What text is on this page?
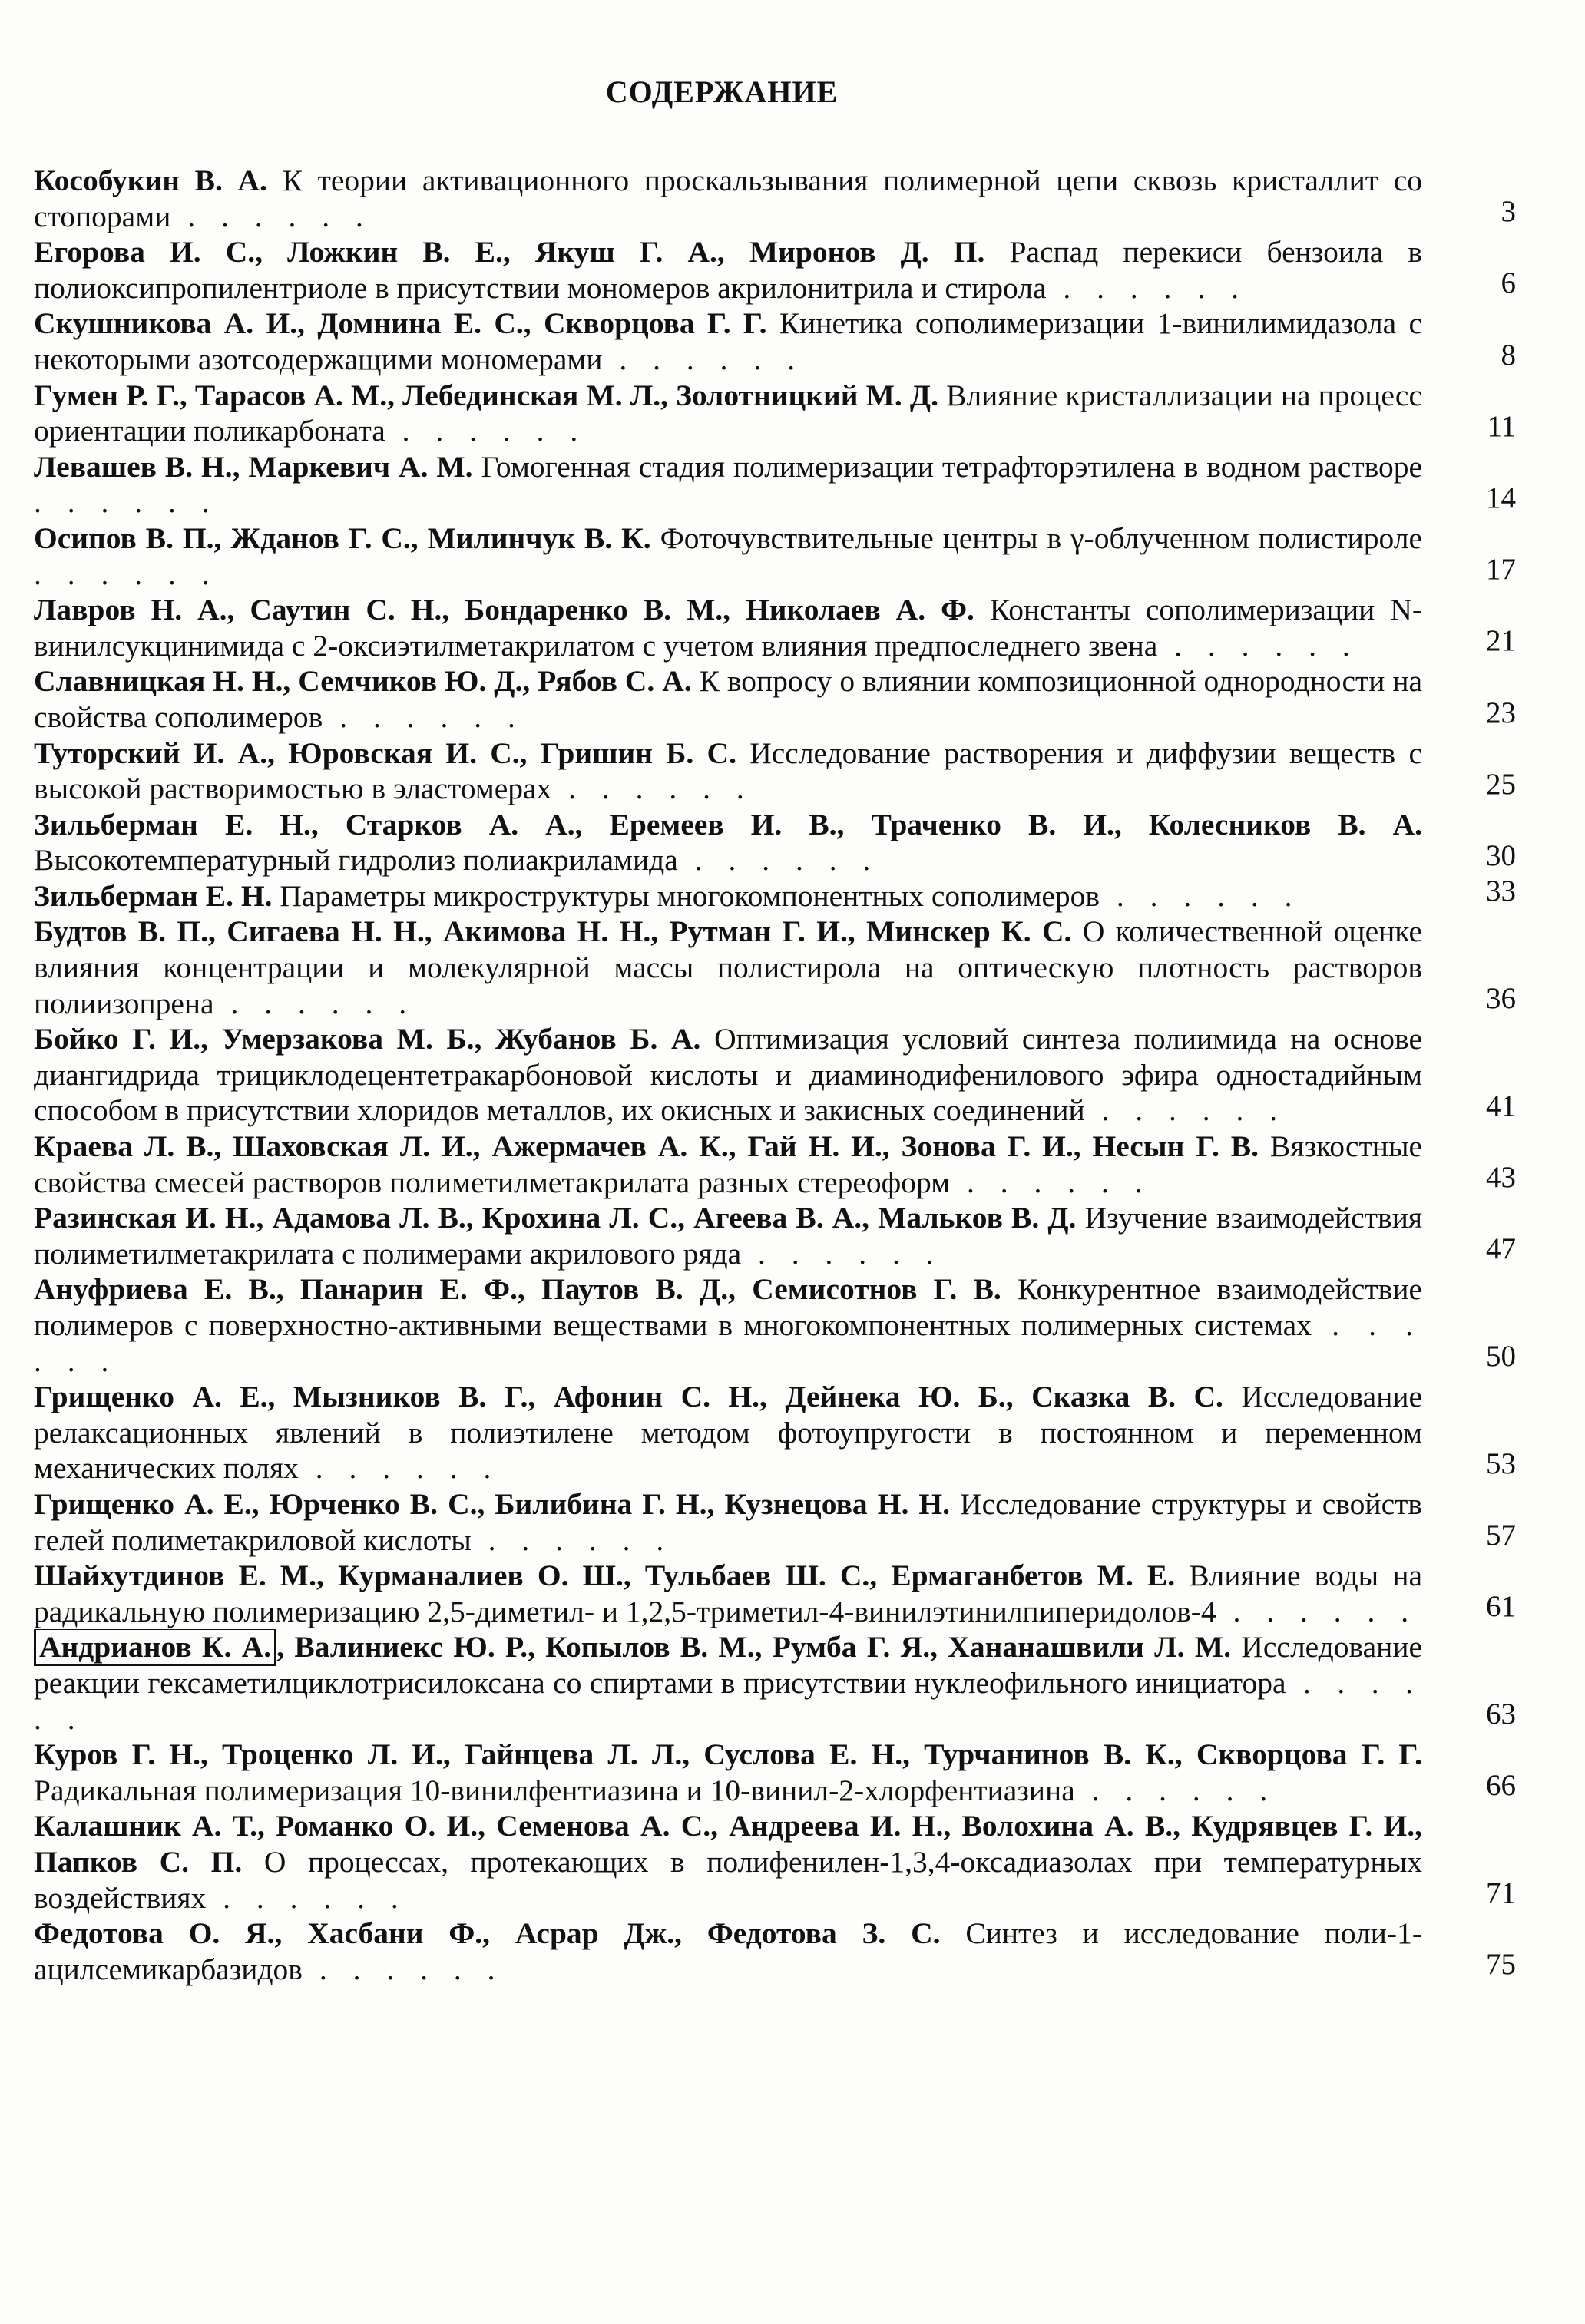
СОДЕРЖАНИЕ
Кособукин В. А. К теории активационного проскальзывания полимерной цепи сквозь кристаллит со стопорами . . . . . .	3
Егорова И. С., Ложкин В. Е., Якуш Г. А., Миронов Д. П. Распад перекиси бензоила в полиоксипропилентриоле в присутствии мономеров акрилонитрила и стирола . . . . . .	6
Скушникова А. И., Домнина Е. С., Скворцова Г. Г. Кинетика сополимеризации 1-винилимидазола с некоторыми азотсодержащими мономерами . . . . . .	8
Гумен Р. Г., Тарасов А. М., Лебединская М. Л., Золотницкий М. Д. Влияние кристаллизации на процесс ориентации поликарбоната . . . . . .	11
Левашев В. Н., Маркевич А. М. Гомогенная стадия полимеризации тетрафторэтилена в водном растворе . . . . . .	14
Осипов В. П., Жданов Г. С., Милинчук В. К. Фоточувствительные центры в γ-облученном полистироле . . . . . .	17
Лавров Н. А., Саутин С. Н., Бондаренко В. М., Николаев А. Ф. Константы сополимеризации N-винилсукцинимида с 2-оксиэтилметакрилатом с учетом влияния предпоследнего звена . . . . . .	21
Славницкая Н. Н., Семчиков Ю. Д., Рябов С. А. К вопросу о влиянии композиционной однородности на свойства сополимеров . . . . . .	23
Туторский И. А., Юровская И. С., Гришин Б. С. Исследование растворения и диффузии веществ с высокой растворимостью в эластомерах . . . . . .	25
Зильберман Е. Н., Старков А. А., Еремеев И. В., Траченко В. И., Колесников В. А. Высокотемпературный гидролиз полиакриламида . . . . . .	30
Зильберман Е. Н. Параметры микроструктуры многокомпонентных сополимеров . . . . . .	33
Будтов В. П., Сигаева Н. Н., Акимова Н. Н., Рутман Г. И., Минскер К. С. О количественной оценке влияния концентрации и молекулярной массы полистирола на оптическую плотность растворов полиизопрена . . . . . .	36
Бойко Г. И., Умерзакова М. Б., Жубанов Б. А. Оптимизация условий синтеза полиимида на основе диангидрида трициклодецентетракарбоновой кислоты и диаминодифенилового эфира одностадийным способом в присутствии хлоридов металлов, их окисных и закисных соединений . . . . . .	41
Краева Л. В., Шаховская Л. И., Ажермачев А. К., Гай Н. И., Зонова Г. И., Несын Г. В. Вязкостные свойства смесей растворов полиметилметакрилата разных стереоформ . . . . . .	43
Разинская И. Н., Адамова Л. В., Крохина Л. С., Агеева В. А., Мальков В. Д. Изучение взаимодействия полиметилметакрилата с полимерами акрилового ряда . . . . . .	47
Ануфриева Е. В., Панарин Е. Ф., Паутов В. Д., Семисотнов Г. В. Конкурентное взаимодействие полимеров с поверхностно-активными веществами в многокомпонентных полимерных системах . . . . . .	50
Грищенко А. Е., Мызников В. Г., Афонин С. Н., Дейнека Ю. Б., Сказка В. С. Исследование релаксационных явлений в полиэтилене методом фотоупругости в постоянном и переменном механических полях . . . . . .	53
Грищенко А. Е., Юрченко В. С., Билибина Г. Н., Кузнецова Н. Н. Исследование структуры и свойств гелей полиметакриловой кислоты . . . . . .	57
Шайхутдинов Е. М., Курманалиев О. Ш., Тульбаев Ш. С., Ермаганбетов М. Е. Влияние воды на радикальную полимеризацию 2,5-диметил- и 1,2,5-триметил-4-винилэтинилпиперидолов-4 . . . . . .	61
Андрианов К. А. , Валиниекс Ю. Р., Копылов В. М., Румба Г. Я., Хананашвили Л. М. Исследование реакции гексаметилциклотрисилоксана со спиртами в присутствии нуклеофильного инициатора . . . . . .	63
Куров Г. Н., Троценко Л. И., Гайнцева Л. Л., Суслова Е. Н., Турчанинов В. К., Скворцова Г. Г. Радикальная полимеризация 10-винилфентиазина и 10-винил-2-хлорфентиазина . . . . . .	66
Калашник А. Т., Романко О. И., Семенова А. С., Андреева И. Н., Волохина А. В., Кудрявцев Г. И., Папков С. П. О процессах, протекающих в полифенилен-1,3,4-оксадиазолах при температурных воздействиях . . . . . .	71
Федотова О. Я., Хасбани Ф., Асрар Дж., Федотова З. С. Синтез и исследование поли-1-ацилсемикарбазидов . . . . . .	75
